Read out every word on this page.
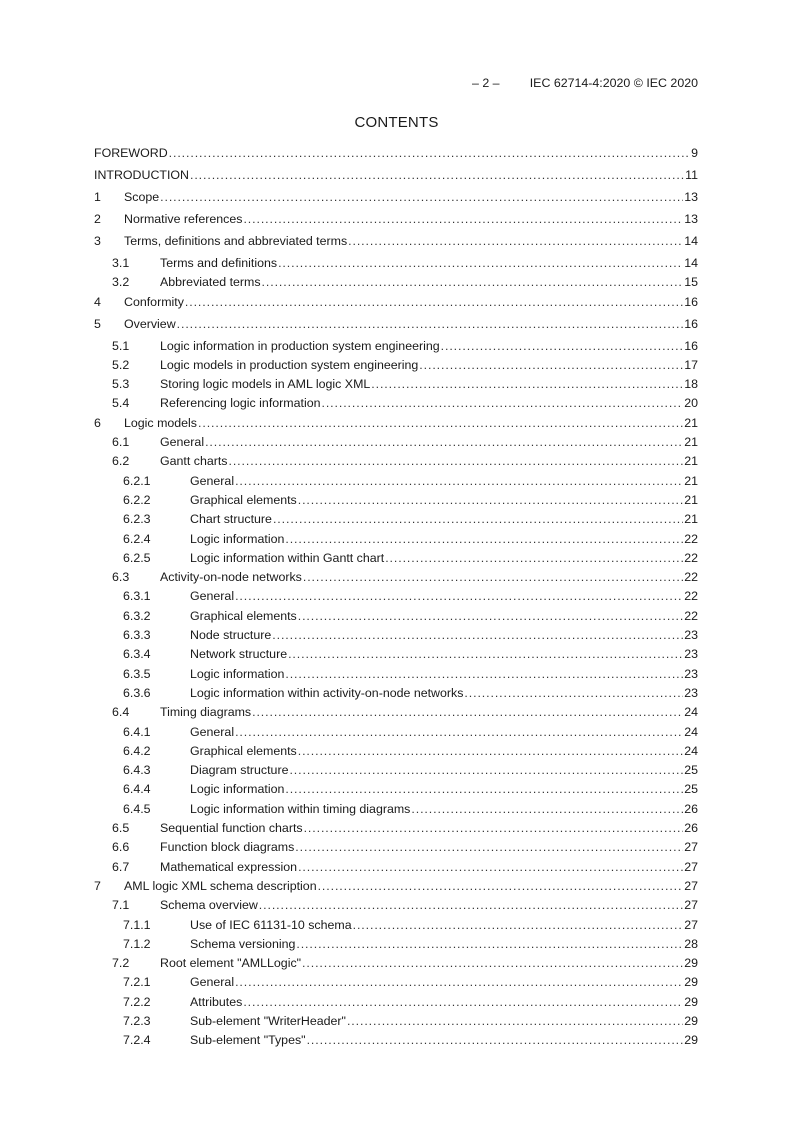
– 2 – IEC 62714-4:2020 © IEC 2020
CONTENTS
FOREWORD .....	9
INTRODUCTION .....	11
1 Scope .....	13
2 Normative references .....	13
3 Terms, definitions and abbreviated terms .....	14
3.1 Terms and definitions .....	14
3.2 Abbreviated terms .....	15
4 Conformity .....	16
5 Overview .....	16
5.1 Logic information in production system engineering .....	16
5.2 Logic models in production system engineering .....	17
5.3 Storing logic models in AML logic XML .....	18
5.4 Referencing logic information .....	20
6 Logic models .....	21
6.1 General .....	21
6.2 Gantt charts .....	21
6.2.1	General .....	21
6.2.2	Graphical elements .....	21
6.2.3	Chart structure .....	21
6.2.4	Logic information .....	22
6.2.5	Logic information within Gantt chart .....	22
6.3 Activity-on-node networks .....	22
6.3.1	General .....	22
6.3.2	Graphical elements .....	22
6.3.3	Node structure .....	23
6.3.4	Network structure .....	23
6.3.5	Logic information .....	23
6.3.6	Logic information within activity-on-node networks .....	23
6.4 Timing diagrams .....	24
6.4.1	General .....	24
6.4.2	Graphical elements .....	24
6.4.3	Diagram structure .....	25
6.4.4	Logic information .....	25
6.4.5	Logic information within timing diagrams .....	26
6.5 Sequential function charts .....	26
6.6 Function block diagrams .....	27
6.7 Mathematical expression .....	27
7 AML logic XML schema description .....	27
7.1 Schema overview .....	27
7.1.1	Use of IEC 61131-10 schema .....	27
7.1.2	Schema versioning .....	28
7.2 Root element "AMLLogic" .....	29
7.2.1	General .....	29
7.2.2	Attributes .....	29
7.2.3	Sub-element "WriterHeader" .....	29
7.2.4	Sub-element "Types" .....	29
